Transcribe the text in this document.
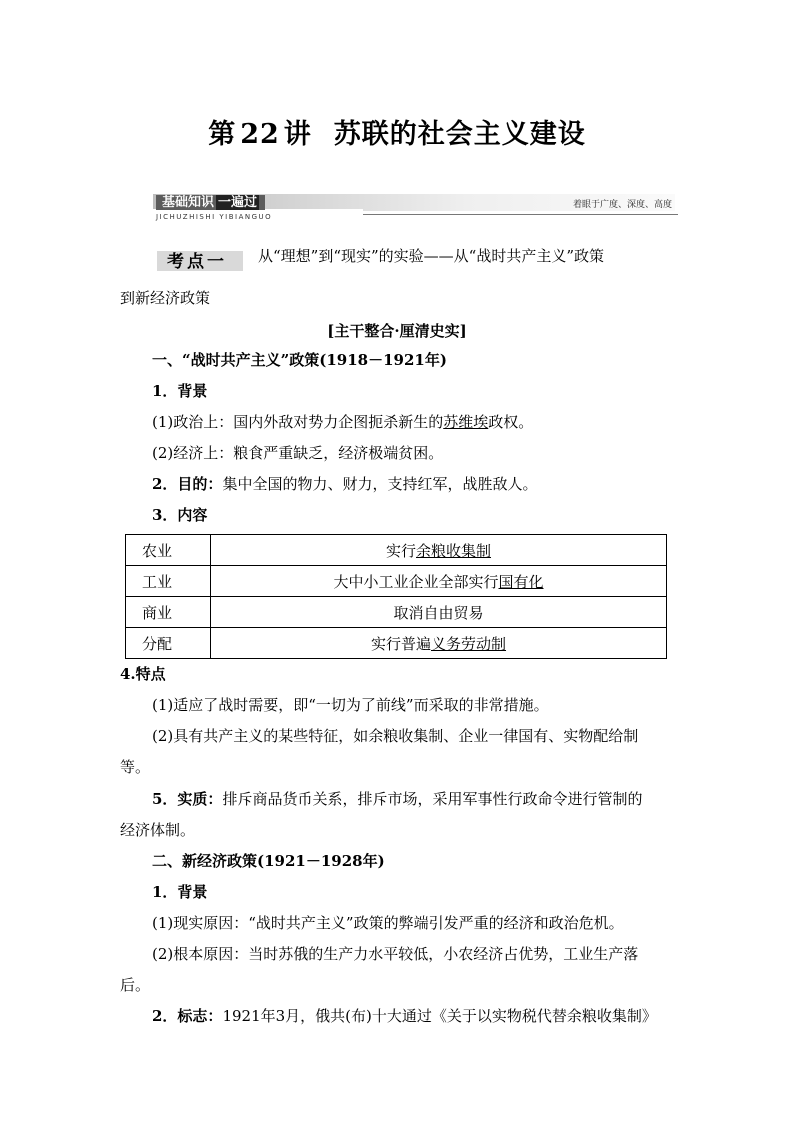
第 22 讲 苏联的社会主义建设
基础知识 一遍过
JICHUZHISHI YIBIANGUO
着眼于广度、深度、高度
考点一 从“理想”到“现实”的实验——从“战时共产主义”政策
到新经济政策
[主干整合·厘清史实]
一、“战时共产主义”政策(1918－1921年)
1．背景
(1)政治上：国内外敌对势力企图扼杀新生的苏维埃政权。
(2)经济上：粮食严重缺乏，经济极端贫困。
2．目的：集中全国的物力、财力，支持红军，战胜敌人。
3．内容
农业	实行余粮收集制
工业	大中小工业企业全部实行国有化
商业	取消自由贸易
分配	实行普遍义务劳动制
4.特点
(1)适应了战时需要，即“一切为了前线”而采取的非常措施。
(2)具有共产主义的某些特征，如余粮收集制、企业一律国有、实物配给制
等。
5．实质：排斥商品货币关系，排斥市场，采用军事性行政命令进行管制的
经济体制。
二、新经济政策(1921－1928年)
1．背景
(1)现实原因：“战时共产主义”政策的弊端引发严重的经济和政治危机。
(2)根本原因：当时苏俄的生产力水平较低，小农经济占优势，工业生产落
后。
2．标志：1921年3月，俄共(布)十大通过《关于以实物税代替余粮收集制》
